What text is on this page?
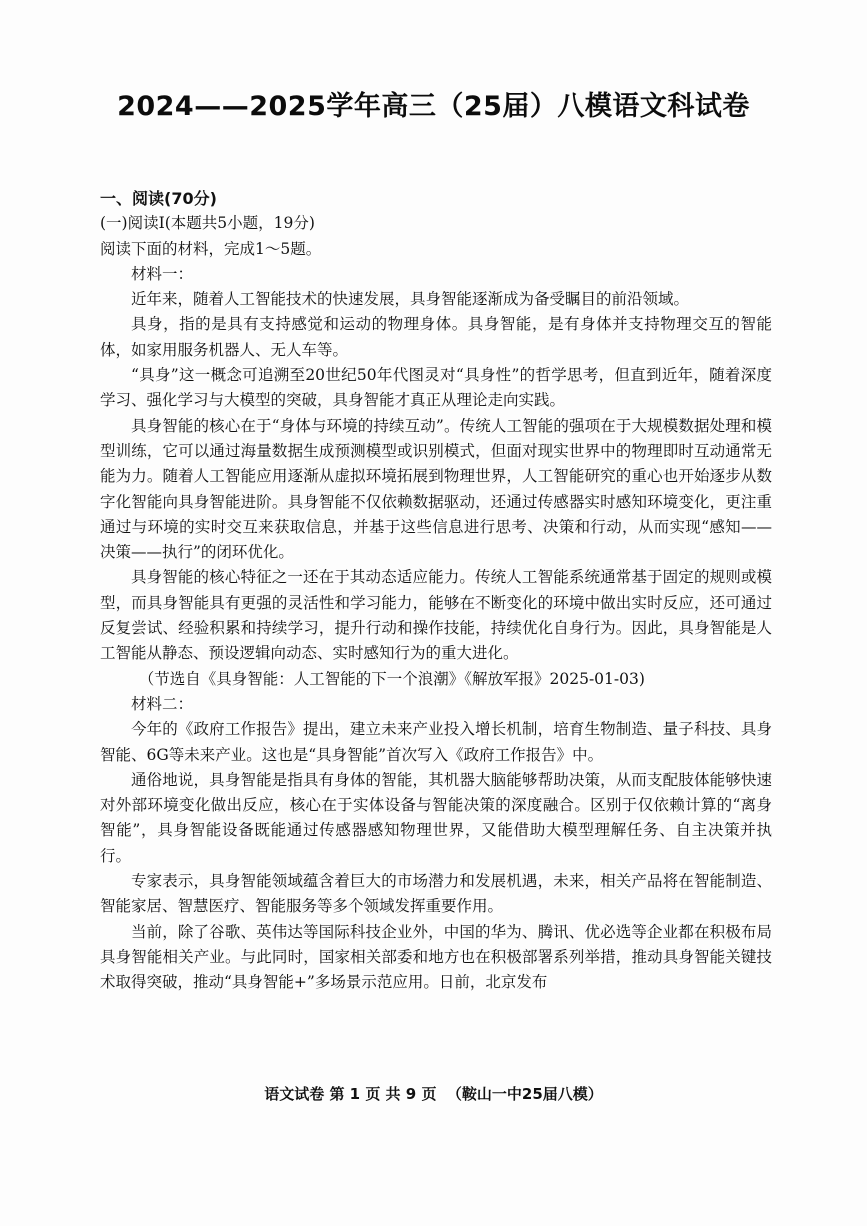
2024——2025学年高三（25届）八模语文科试卷

一、阅读(70分)

(一)阅读Ⅰ(本题共5小题，19分)

阅读下面的材料，完成1～5题。

材料一：

近年来，随着人工智能技术的快速发展，具身智能逐渐成为备受瞩目的前沿领域。

具身，指的是具有支持感觉和运动的物理身体。具身智能，是有身体并支持物理交互的智能体，如家用服务机器人、无人车等。

“具身”这一概念可追溯至20世纪50年代图灵对“具身性”的哲学思考，但直到近年，随着深度学习、强化学习与大模型的突破，具身智能才真正从理论走向实践。

具身智能的核心在于“身体与环境的持续互动”。传统人工智能的强项在于大规模数据处理和模型训练，它可以通过海量数据生成预测模型或识别模式，但面对现实世界中的物理即时互动通常无能为力。随着人工智能应用逐渐从虚拟环境拓展到物理世界，人工智能研究的重心也开始逐步从数字化智能向具身智能进阶。具身智能不仅依赖数据驱动，还通过传感器实时感知环境变化，更注重通过与环境的实时交互来获取信息，并基于这些信息进行思考、决策和行动，从而实现“感知——决策——执行”的闭环优化。

具身智能的核心特征之一还在于其动态适应能力。传统人工智能系统通常基于固定的规则或模型，而具身智能具有更强的灵活性和学习能力，能够在不断变化的环境中做出实时反应，还可通过反复尝试、经验积累和持续学习，提升行动和操作技能，持续优化自身行为。因此，具身智能是人工智能从静态、预设逻辑向动态、实时感知行为的重大进化。

（节选自《具身智能：人工智能的下一个浪潮》《解放军报》2025-01-03)

材料二：

今年的《政府工作报告》提出，建立未来产业投入增长机制，培育生物制造、量子科技、具身智能、6G等未来产业。这也是“具身智能”首次写入《政府工作报告》中。

通俗地说，具身智能是指具有身体的智能，其机器大脑能够帮助决策，从而支配肢体能够快速对外部环境变化做出反应，核心在于实体设备与智能决策的深度融合。区别于仅依赖计算的“离身智能”，具身智能设备既能通过传感器感知物理世界，又能借助大模型理解任务、自主决策并执行。

专家表示，具身智能领域蕴含着巨大的市场潜力和发展机遇，未来，相关产品将在智能制造、智能家居、智慧医疗、智能服务等多个领域发挥重要作用。

当前，除了谷歌、英伟达等国际科技企业外，中国的华为、腾讯、优必选等企业都在积极布局具身智能相关产业。与此同时，国家相关部委和地方也在积极部署系列举措，推动具身智能关键技术取得突破，推动“具身智能+”多场景示范应用。日前，北京发布

语文试卷 第 1 页 共 9 页  （鞍山一中25届八模）
